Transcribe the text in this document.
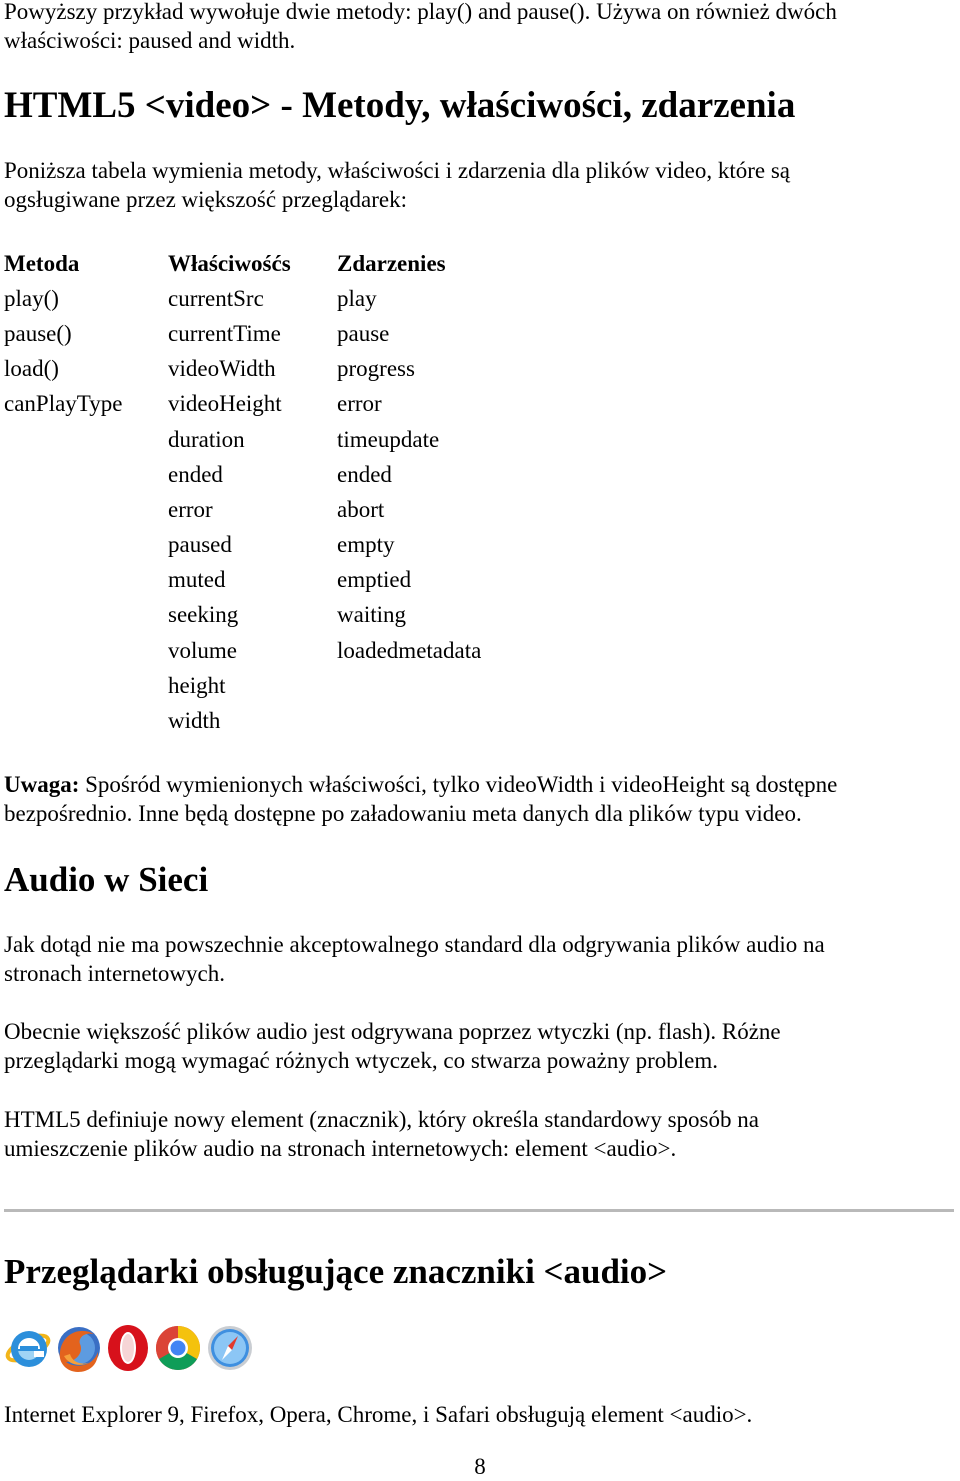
Powyższy przykład wywołuje dwie metody: play() and pause(). Używa on również dwóch

właściwości: paused and width.

HTML5 <video> - Metody, właściwości, zdarzenia

Poniższa tabela wymienia metody, właściwości i zdarzenia dla plików video, które są

ogsługiwane przez większość przeglądarek:

Metoda	Właściwośćs	Zdarzenies
play()	currentSrc	play
pause()	currentTime	pause
load()	videoWidth	progress
canPlayType	videoHeight	error
	duration	timeupdate
	ended	ended
	error	abort
	paused	empty
	muted	emptied
	seeking	waiting
	volume	loadedmetadata
	height	
	width	

Uwaga: Spośród wymienionych właściwości, tylko videoWidth i videoHeight są dostępne

bezpośrednio. Inne będą dostępne po załadowaniu meta danych dla plików typu video.

Audio w Sieci

Jak dotąd nie ma powszechnie akceptowalnego standard dla odgrywania plików audio na

stronach internetowych.

Obecnie większość plików audio jest odgrywana poprzez wtyczki (np. flash). Różne

przeglądarki mogą wymagać różnych wtyczek, co stwarza poważny problem.

HTML5 definiuje nowy element (znacznik), który określa standardowy sposób na

umieszczenie plików audio na stronach internetowych: element <audio>.

Przeglądarki obsługujące znaczniki <audio>

Internet Explorer 9, Firefox, Opera, Chrome, i Safari obsługują element <audio>.

8
